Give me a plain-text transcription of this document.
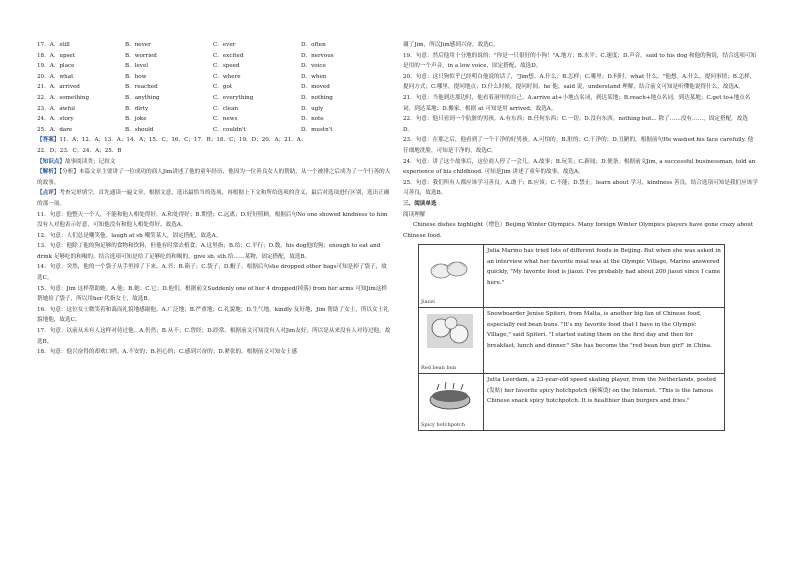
17．A．still	B．never	C．ever	D．often
18．A．upset	B．worried	C．excited	D．nervous
19．A．place	B．level	C．speed	D．voice
20．A．what	B．how	C．where	D．when
21．A．arrived	B．reached	C．got	D．moved
22．A．something	B．anything	C．everything	D．nothing
23．A．awful	B．dirty	C．clean	D．ugly
24．A．story	B．joke	C．news	D．note
25．A．dare	B．should	C．couldn't	D．mustn't

【答案】11．A；12．A；13．A；14．A；15．C；16．C；17．B；18．C；19．D；20．A；21．A；

22．D；23．C；24．A；25．B

【知识点】故事阅读类；记叙文

【解析】【分析】本篇文章主要讲了一位成功的商人Jim讲述了他的童年经历，他因为一位善良女人的帮助，从一个被排之后成为了一个行善的人的故事。

【点评】考查完形填空，首先通读一遍文章，根据文意，选出最恰当的选项，再根据上下文和所给选项的含义，最后对选项进行区别，选出正确的那一项。

11．句意：他整天一个人，不能和他人相处得好。A.和处得好；B.期望；C.远离；D.好好照顾。根据后句No one showed kindness to him 没有人对他表示好意，可知他没有和他人相处得好，故选A。

12．句意：人们总是嘲笑他。laugh at sb 嘲笑某人，固定搭配，故选A。

13．句意：他除了他的狗足够的食物和饮料，但他有时常去植食。A.这里指；B.给；C.平行；D.数。his dog他的狗；enough to eat and drink 足够吃的和喝的，结合选项可知是给了足够吃的和喝的，give sb. sth.给……某物，固定搭配，故选B。

14．句意：突然，他的一个袋子从手里掉了下来。A.书；B.箱子；C.袋子；D.帽子。根据后句she dropped other bags可知是掉了袋子，故选C。

15．句意：Jim 这样帮助她。A.他；B.她；C.它；D.他们。根据前文Suddenly one of her 4 dropped(掉落) from her arms 可知Jim这样帮她捡了袋子，所以用her 代指女士，故选B。

16．句意：这位女士微笑着和蔼而礼貌地感谢他。A.广泛地；B.严重地；C.礼貌地；D.生气地。kindly 友好地，Jim 帮助了女士，所以女士礼貌地他，故选C。

17．句意：以前从未有人这样对待过他。A.仍然；B.从不；C.曾经；D.经常。根据前文可知没有人对Jim友好，所以是从来没有人对待过他，故选B。

18．句意：他兴奋得的却欢口哨。A.不安的；B.担心的；C.感到兴奋的；D.紧张的。根据前文可知女士感

谢了Jim，所以Jim感到兴奋，故选C。

19．句意：然后他用十分地的说的："你是一只很好的小狗！"A.地方；B.水平；C.速度；D.声音。said to his dog 和他的狗说，结合选项可知是用的一个声音，in a low voice，固定搭配，故选D。

20．句意：这只狗似乎已经明白他说的话了，"Jim想。A.什么；B.怎样；C.哪里；D.何时。what 什么，"他想。A.什么，提问事情；B.怎样，提问方式；C.哪里，提问地点；D.什么时候，提问时间。he 他，said 说，understand 理解，结合前文可知是听懂他说得什么，故选A。

21．句意：当他到达那边时，他看着洞里的自己。A.arrive at+小地点名词，到达某地；B.reach+地点名词，到达某地；C.get to+地点名词，到达某地；D.搬家。根据 at 可知是用 arrived，故选A。

22．句意：他只看到一个肮脏的男孩。A.有东西；B.任何东西；C.一切；D.没有东西。nothing but... 除了……没有……，固定搭配，故选D。

23．句意：在那之后，他看到了一个干净的好男孩。A.可怕的；B.脏的；C.干净的；D.丑陋的。根据前句He washed his face carefully. 他仔细地洗脸，可知是干净的，故选C。

24．句意：讲了这个故事后，这位商人停了一会儿。A.故事；B.玩笑；C.新闻；D.便条。根据前文Jim, a successful businessman, told an experience of his childhood. 可知是Jim 讲述了童年的故事，故选A。

25．句意：我们所有人都应该学习善良。A.敢于；B.应该；C.不能；D.禁止。learn about 学习，kindness 善良，结合选项可知是我们应该学习善良，故选B。

三、阅读单选

阅读理解

Chinese dishes highlight（增色）Beijing Winter Olympics. Many foreign Winter Olympics players have gone crazy about Chinese food.

Jiaozi
Julia Marino has tried lots of different foods in Beijing. But when she was asked in an interview what her favorite meal was at the Olympic Village, Marino answered quickly, "My favorite food is jiaozi. I've probably had about 200 jiaozi since I came here."
Red bean bun
Snowboarder Jenise Spiteri, from Malta, is another big fan of Chinese food, especially red bean buns. "It's my favorite food that I have in the Olympic Village," said Spiteri. "I started eating them on the first day and then for breakfast, lunch and dinner." She has become the "red bean bun girl" in China.
Spicy hotchpotch
Jutta Leerdam, a 23-year-old speed skating player, from the Netherlands, posted (发贴) her favorite spicy hotchpotch (麻辣烫) on the Internet. "This is the famous Chinese snack spicy hotchpotch. It is healthier than burgers and fries."
